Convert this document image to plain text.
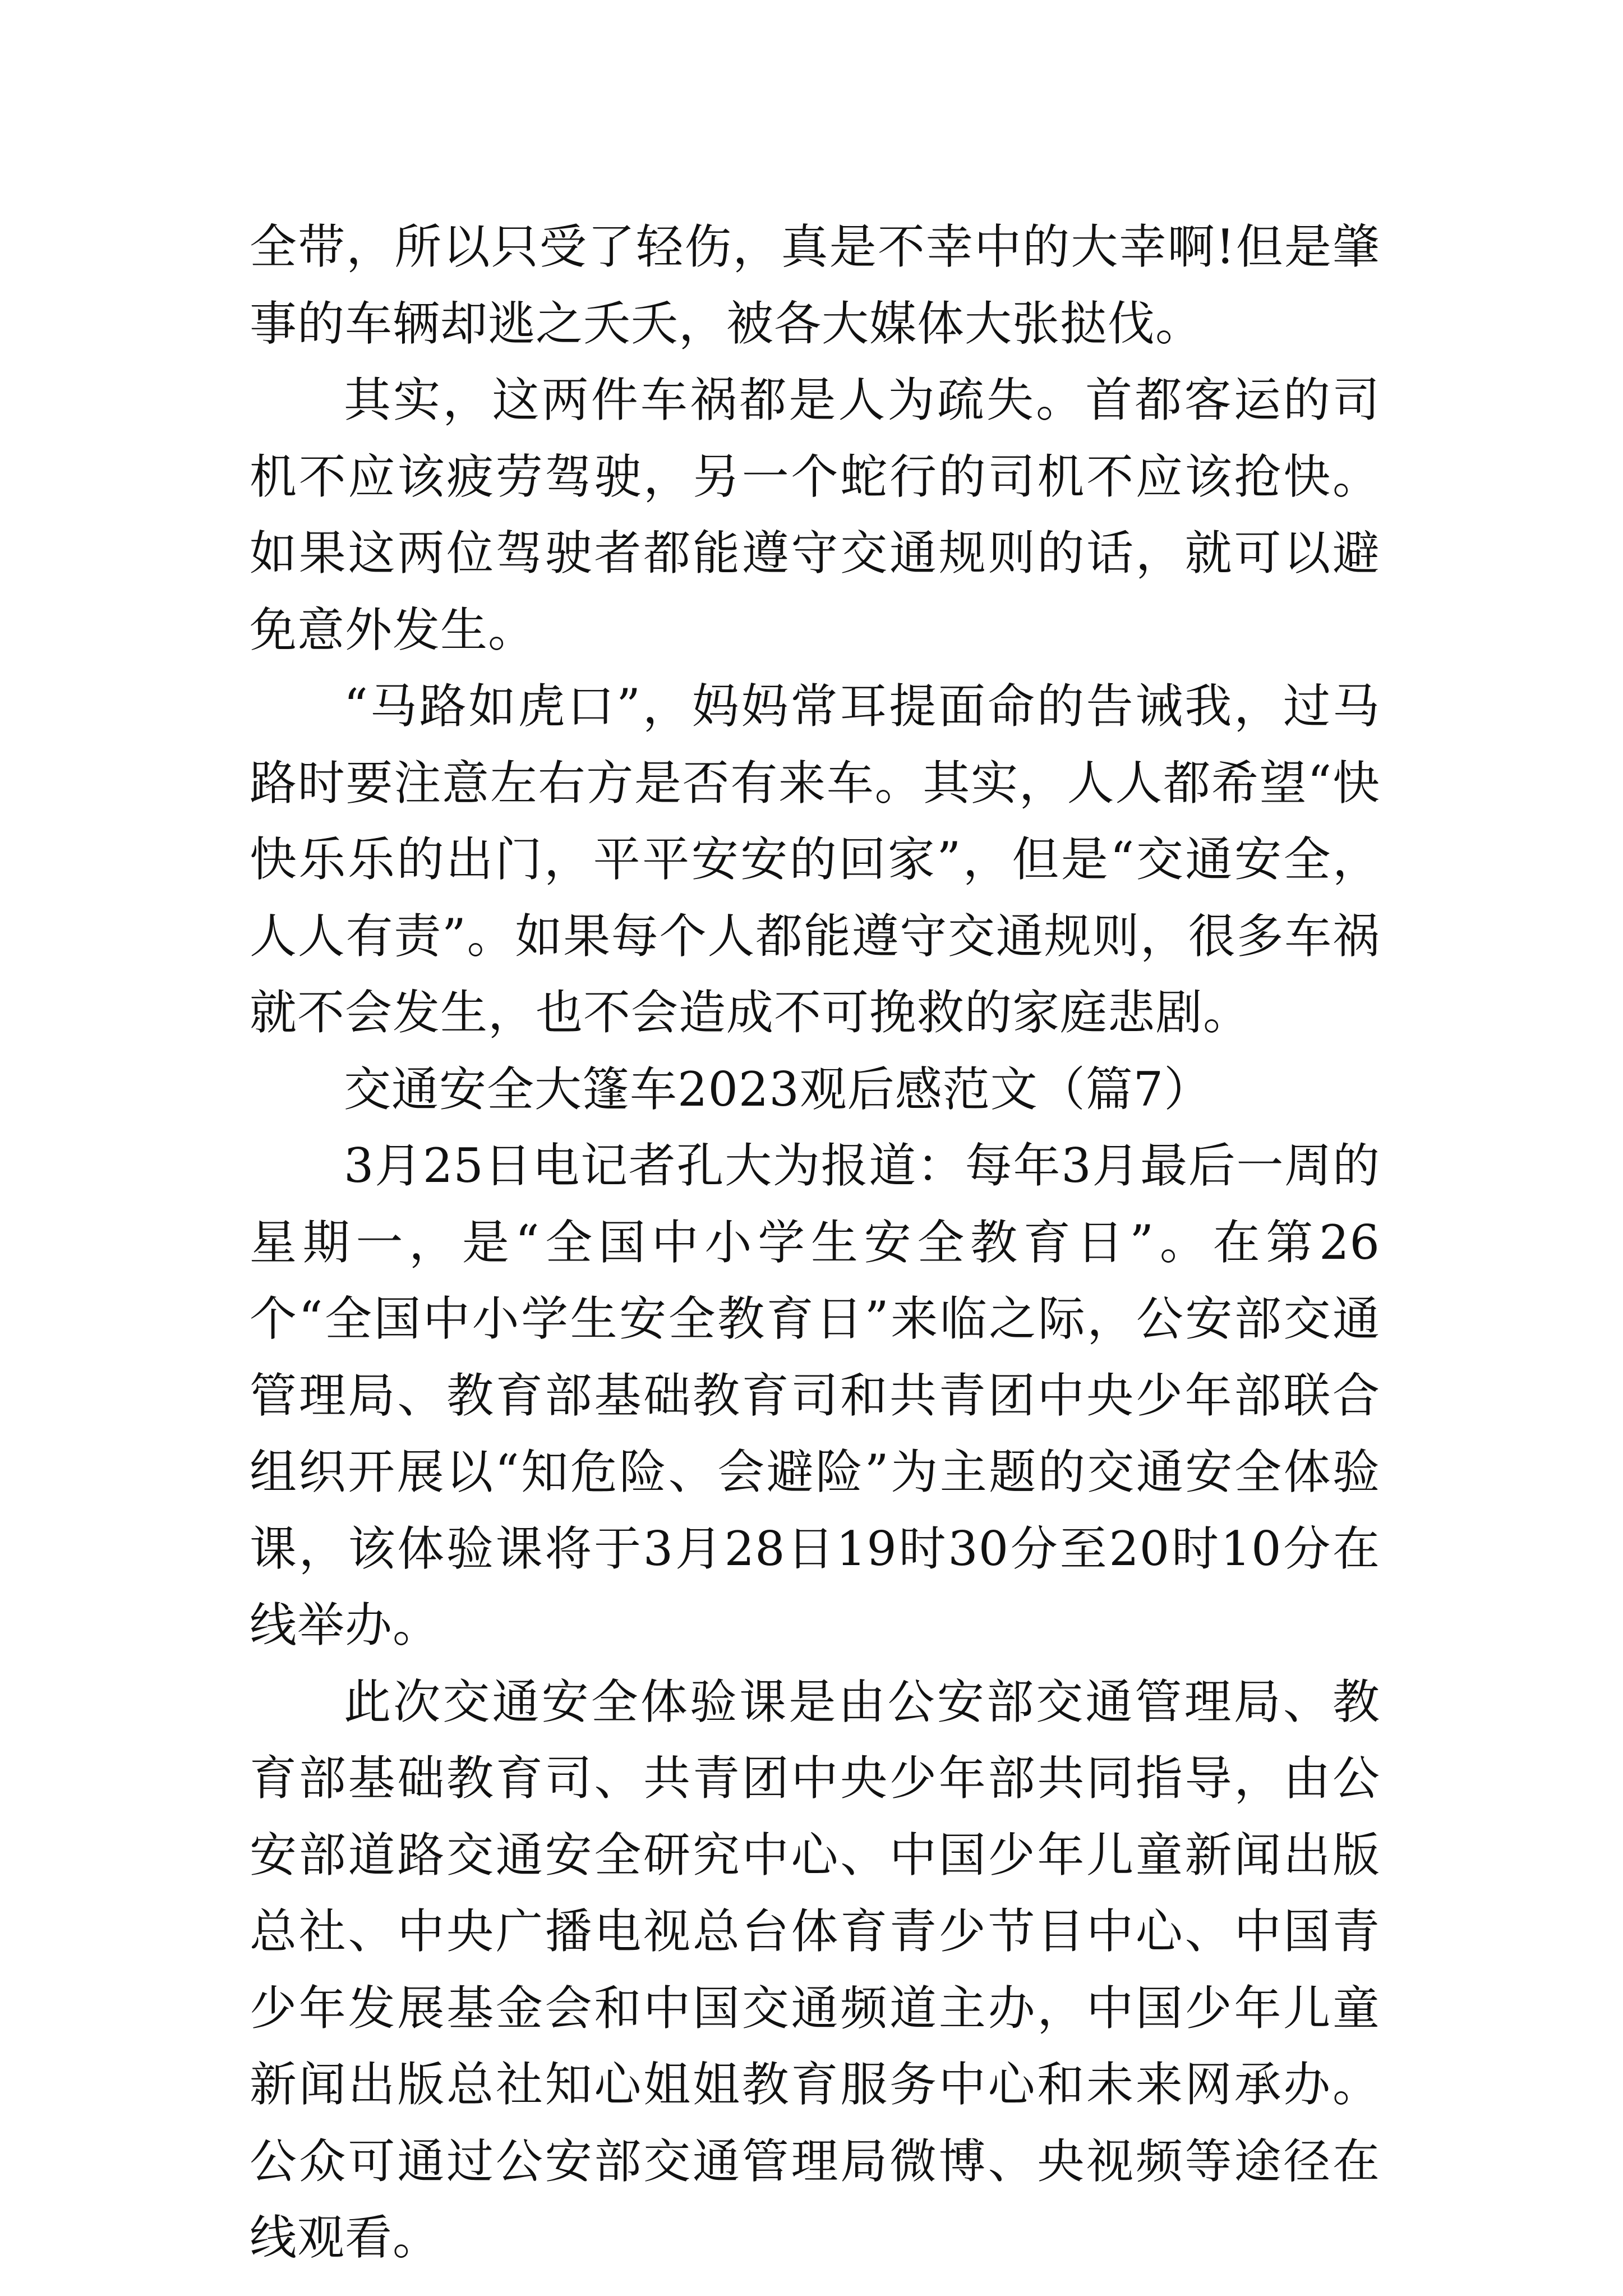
全带，所以只受了轻伤，真是不幸中的大幸啊!但是肇事的车辆却逃之夭夭，被各大媒体大张挞伐。

其实，这两件车祸都是人为疏失。首都客运的司机不应该疲劳驾驶，另一个蛇行的司机不应该抢快。如果这两位驾驶者都能遵守交通规则的话，就可以避免意外发生。

“马路如虎口”，妈妈常耳提面命的告诫我，过马路时要注意左右方是否有来车。其实，人人都希望“快快乐乐的出门，平平安安的回家”，但是“交通安全，人人有责”。如果每个人都能遵守交通规则，很多车祸就不会发生，也不会造成不可挽救的家庭悲剧。

交通安全大篷车2023观后感范文（篇7）

3月25日电记者孔大为报道：每年3月最后一周的星期一，是“全国中小学生安全教育日”。在第26个“全国中小学生安全教育日”来临之际，公安部交通管理局、教育部基础教育司和共青团中央少年部联合组织开展以“知危险、会避险”为主题的交通安全体验课，该体验课将于3月28日19时30分至20时10分在线举办。

此次交通安全体验课是由公安部交通管理局、教育部基础教育司、共青团中央少年部共同指导，由公安部道路交通安全研究中心、中国少年儿童新闻出版总社、中央广播电视总台体育青少节目中心、中国青少年发展基金会和中国交通频道主办，中国少年儿童新闻出版总社知心姐姐教育服务中心和未来网承办。公众可通过公安部交通管理局微博、央视频等途径在线观看。
